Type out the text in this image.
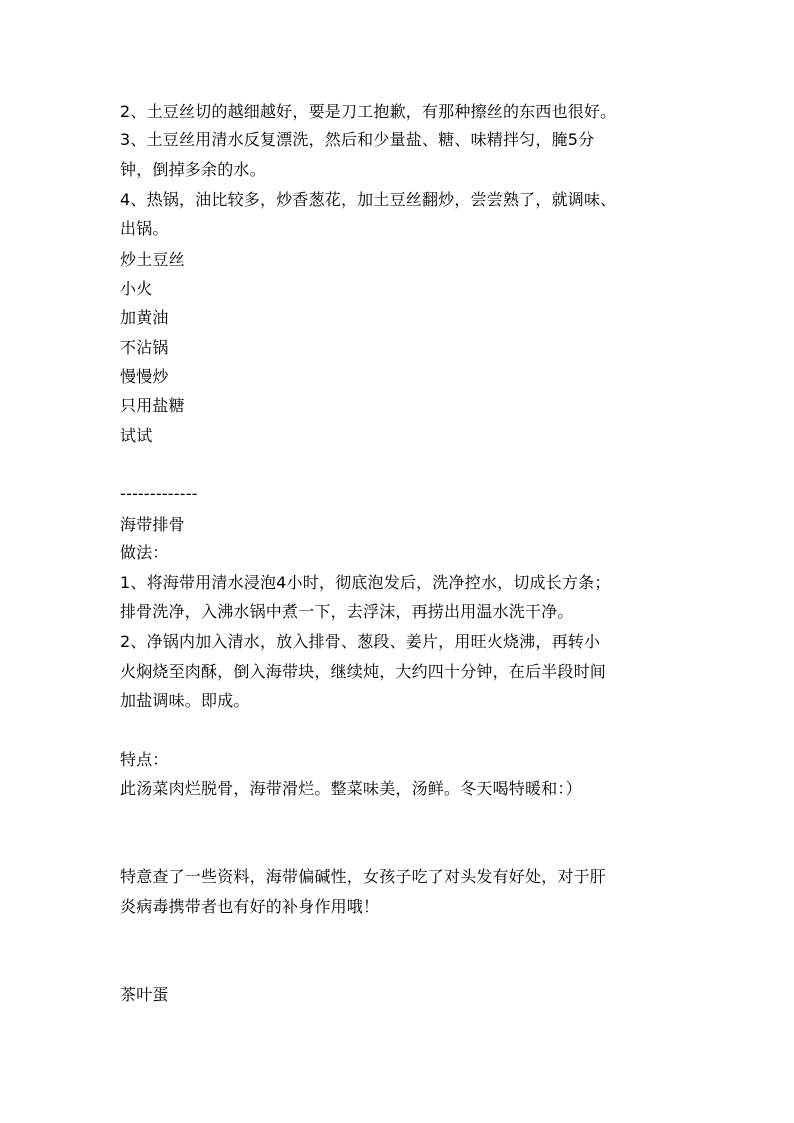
2、土豆丝切的越细越好，要是刀工抱歉，有那种擦丝的东西也很好。
3、土豆丝用清水反复漂洗，然后和少量盐、糖、味精拌匀，腌5分
钟，倒掉多余的水。
4、热锅，油比较多，炒香葱花，加土豆丝翻炒，尝尝熟了，就调味、
出锅。
炒土豆丝
小火
加黄油
不沾锅
慢慢炒
只用盐糖
试试
-------------
海带排骨
做法：
1、将海带用清水浸泡4小时，彻底泡发后，洗净控水，切成长方条；
排骨洗净，入沸水锅中煮一下，去浮沫，再捞出用温水洗干净。
2、净锅内加入清水，放入排骨、葱段、姜片，用旺火烧沸，再转小
火焖烧至肉酥，倒入海带块，继续炖，大约四十分钟，在后半段时间
加盐调味。即成。
特点：
此汤菜肉烂脱骨，海带滑烂。整菜味美，汤鲜。冬天喝特暖和：）
特意查了一些资料，海带偏碱性，女孩子吃了对头发有好处，对于肝
炎病毒携带者也有好的补身作用哦！
茶叶蛋
